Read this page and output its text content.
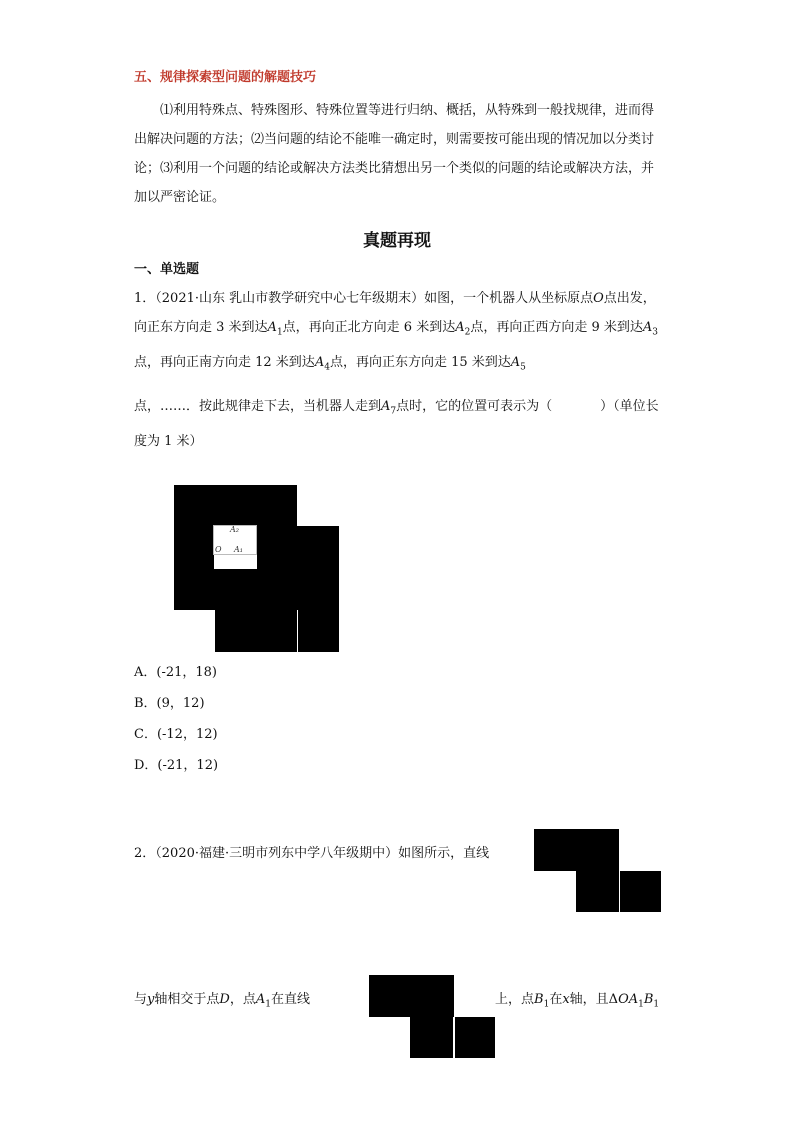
五、规律探索型问题的解题技巧
⑴利用特殊点、特殊图形、特殊位置等进行归纳、概括，从特殊到一般找规律，进而得出解决问题的方法；⑵当问题的结论不能唯一确定时，则需要按可能出现的情况加以分类讨论；⑶利用一个问题的结论或解决方法类比猜想出另一个类似的问题的结论或解决方法，并加以严密论证。
真题再现
一、单选题
1．（2021·山东 乳山市教学研究中心七年级期末）如图，一个机器人从坐标原点O点出发，向正东方向走 3 米到达$A_1$点，再向正北方向走 6 米到达$A_2$点，再向正西方向走 9 米到达$A_3$点，再向正南方向走 12 米到达$A_4$点，再向正东方向走 15 米到达$A_5$
点，……．按此规律走下去，当机器人走到$A_7$点时，它的位置可表示为（	）（单位长度为 1 米）
A₂
O A₁
A．(-21，18)
B．(9，12)
C．(-12，12)
D．(-21，12)
2．（2020·福建·三明市列东中学八年级期中）如图所示，直线
与y轴相交于点D，点$A_1$在直线	上，点$B_1$在x轴，且$\Delta OA_1B_1$
